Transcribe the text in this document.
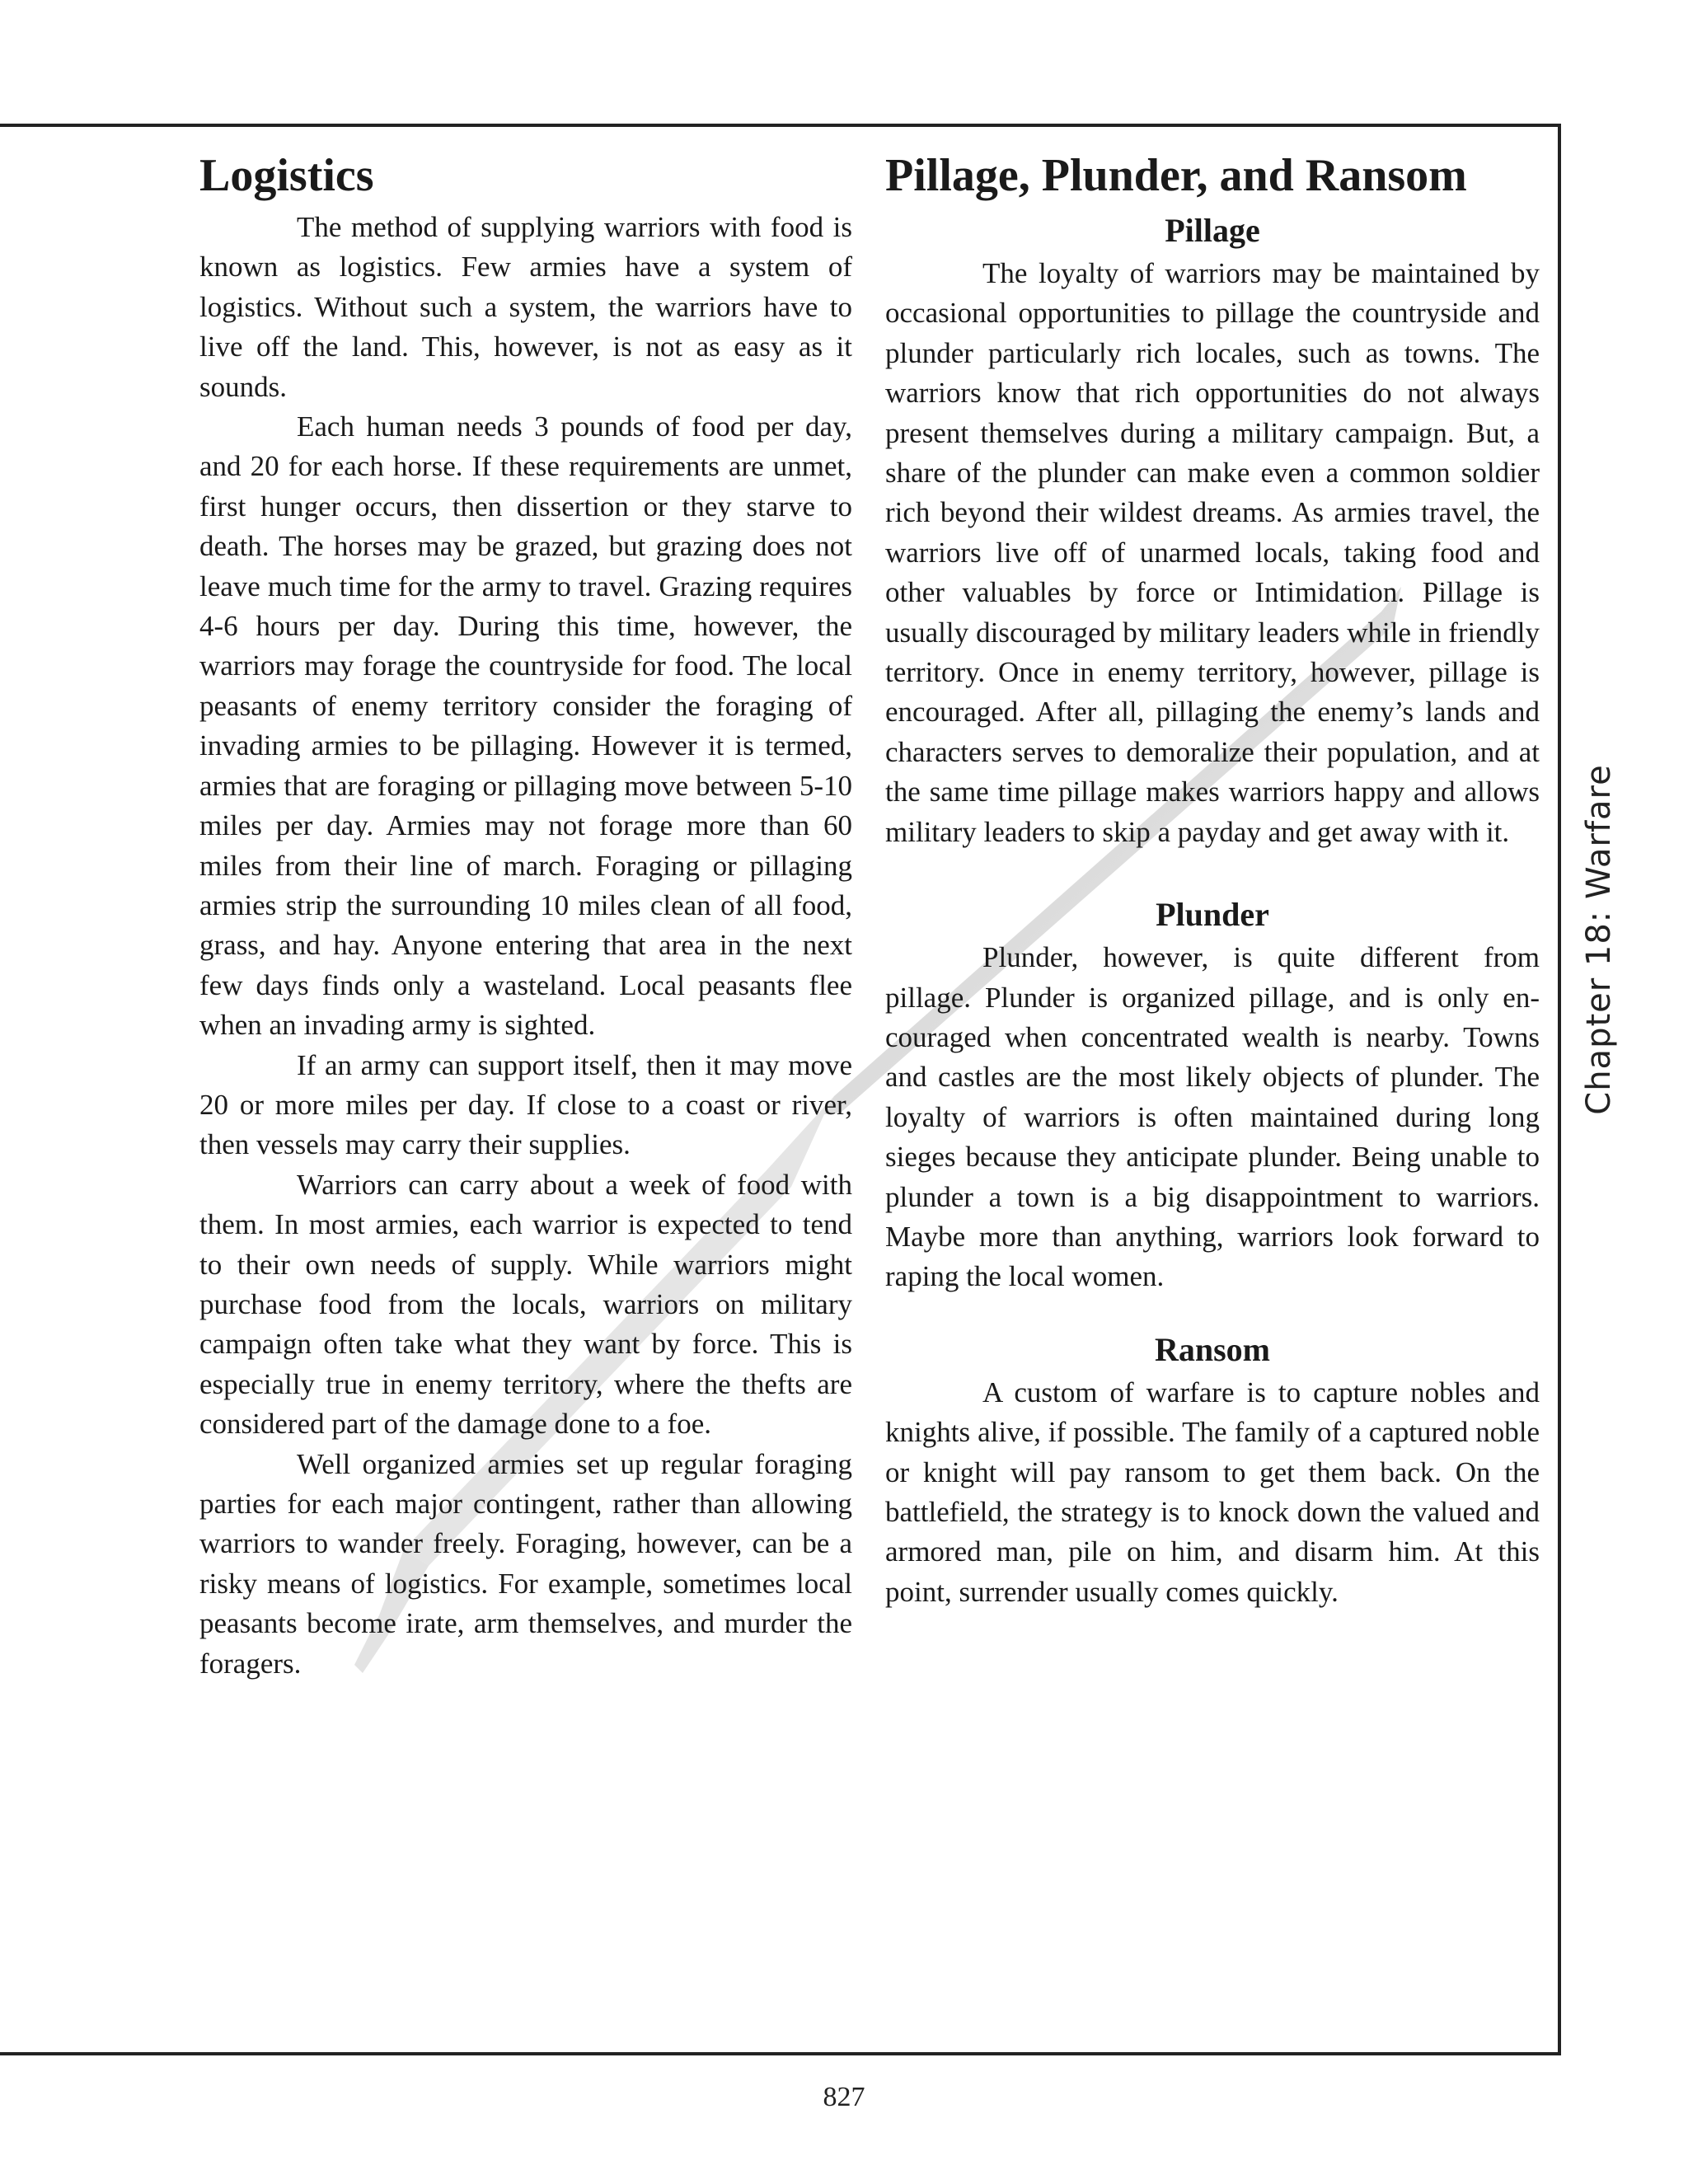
Logistics

The method of supplying warriors with food is known as logistics. Few armies have a system of logistics. Without such a system, the warriors have to live off the land. This, however, is not as easy as it sounds.

Each human needs 3 pounds of food per day, and 20 for each horse. If these requirements are unmet, first hunger occurs, then dissertion or they starve to death. The horses may be grazed, but grazing does not leave much time for the army to travel. Grazing requires 4-6 hours per day. During this time, however, the warriors may forage the countryside for food. The local peasants of enemy territory consider the foraging of invading armies to be pillaging. However it is termed, armies that are foraging or pillaging move between 5-10 miles per day. Armies may not forage more than 60 miles from their line of march. Foraging or pillaging armies strip the surrounding 10 miles clean of all food, grass, and hay. Anyone entering that area in the next few days finds only a wasteland. Local peasants flee when an invading army is sighted.

If an army can support itself, then it may move 20 or more miles per day. If close to a coast or river, then vessels may carry their supplies.

Warriors can carry about a week of food with them. In most armies, each warrior is expected to tend to their own needs of supply. While warriors might purchase food from the locals, warriors on military campaign often take what they want by force. This is especially true in enemy territory, where the thefts are considered part of the damage done to a foe.

Well organized armies set up regular foraging parties for each major contingent, rather than allowing warriors to wander freely. Foraging, however, can be a risky means of logistics. For example, sometimes local peasants become irate, arm themselves, and murder the foragers.

Pillage, Plunder, and Ransom
Pillage

The loyalty of warriors may be maintained by occasional opportunities to pillage the countryside and plunder particularly rich locales, such as towns. The warriors know that rich opportunities do not always present themselves during a military campaign. But, a share of the plunder can make even a common soldier rich beyond their wildest dreams. As armies travel, the warriors live off of unarmed locals, taking food and other valuables by force or Intimidation. Pillage is usually discouraged by military leaders while in friendly territory. Once in enemy territory, however, pillage is encouraged. After all, pillaging the enemy’s lands and characters serves to demoralize their population, and at the same time pillage makes warriors happy and allows military leaders to skip a payday and get away with it.

Plunder

Plunder, however, is quite different from pillage. Plunder is organized pillage, and is only encouraged when concentrated wealth is nearby. Towns and castles are the most likely objects of plunder. The loyalty of warriors is often maintained during long sieges because they anticipate plunder. Being unable to plunder a town is a big disappointment to warriors. Maybe more than anything, warriors look forward to raping the local women.

Ransom

A custom of warfare is to capture nobles and knights alive, if possible. The family of a captured noble or knight will pay ransom to get them back. On the battlefield, the strategy is to knock down the valued and armored man, pile on him, and disarm him. At this point, surrender usually comes quickly.

Chapter 18: Warfare
827
